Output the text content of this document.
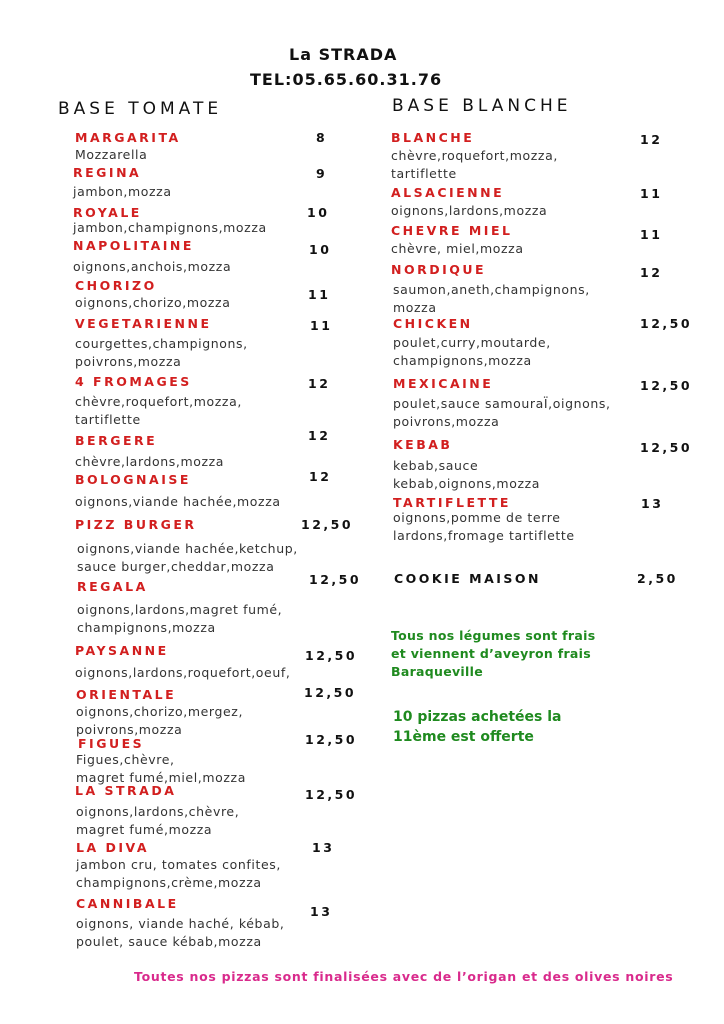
La STRADA
TEL:05.65.60.31.76
BASE TOMATE	BASE BLANCHE
MARGARITA
Mozzarella
8
REGINA
jambon,mozza
9
ROYALE
jambon,champignons,mozza
10
NAPOLITAINE
oignons,anchois,mozza
10
CHORIZO
oignons,chorizo,mozza
11
VEGETARIENNE
courgettes,champignons,
poivrons,mozza
11
4 FROMAGES
chèvre,roquefort,mozza,
tartiflette
12
BERGERE
chèvre,lardons,mozza
12
BOLOGNAISE
oignons,viande hachée,mozza
12
PIZZ BURGER
oignons,viande hachée,ketchup,
sauce burger,cheddar,mozza
12,50
REGALA
oignons,lardons,magret fumé,
champignons,mozza
12,50
PAYSANNE
oignons,lardons,roquefort,oeuf,
12,50
ORIENTALE
oignons,chorizo,mergez,
poivrons,mozza
12,50
FIGUES
Figues,chèvre,
magret fumé,miel,mozza
12,50
LA STRADA
oignons,lardons,chèvre,
magret fumé,mozza
12,50
LA DIVA
jambon cru, tomates confites,
champignons,crème,mozza
13
CANNIBALE
oignons, viande haché, kébab,
poulet, sauce kébab,mozza
13
BLANCHE
chèvre,roquefort,mozza,
tartiflette
12
ALSACIENNE
oignons,lardons,mozza
11
CHEVRE MIEL
chèvre, miel,mozza
11
NORDIQUE
saumon,aneth,champignons,
mozza
12
CHICKEN
poulet,curry,moutarde,
champignons,mozza
12,50
MEXICAINE
poulet,sauce samouraÏ,oignons,
poivrons,mozza
12,50
KEBAB
kebab,sauce
kebab,oignons,mozza
12,50
TARTIFLETTE
oignons,pomme de terre
lardons,fromage tartiflette
13
COOKIE MAISON	2,50
Tous nos légumes sont frais
et viennent d’aveyron frais
Baraqueville
10 pizzas achetées la
11ème est offerte
Toutes nos pizzas sont finalisées avec de l’origan et des olives noires
